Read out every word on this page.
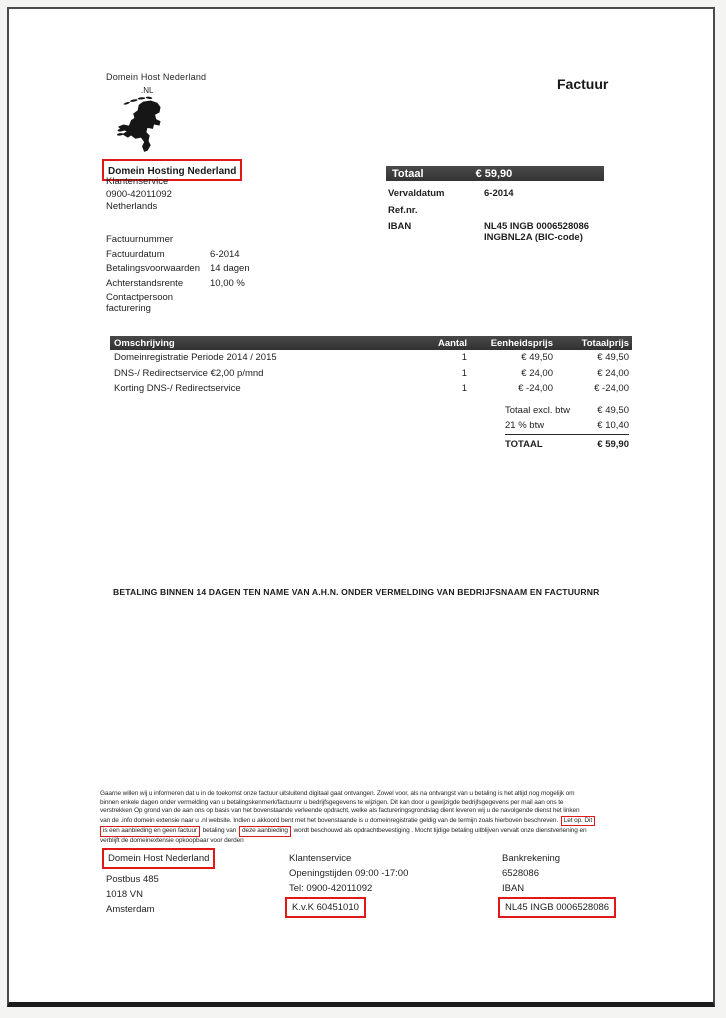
Domein Host Nederland
.NL	Factuur
Domein Hosting Nederland
Klantenservice
0900-42011092
Netherlands
Factuurnummer
Factuurdatum	6-2014
Betalingsvoorwaarden	14 dagen
Achterstandsrente	10,00 %
Contactpersoon facturering
Totaal	€ 59,90
Vervaldatum	6-2014
Ref.nr.
IBAN	NL45 INGB 0006528086
INGBNL2A (BIC-code)
Omschrijving	Aantal	Eenheidsprijs	Totaalprijs
Domeinregistratie Periode 2014 / 2015	1	€ 49,50	€ 49,50
DNS-/ Redirectservice €2,00 p/mnd	1	€ 24,00	€ 24,00
Korting DNS-/ Redirectservice	1	€ -24,00	€ -24,00
Totaal excl. btw	€ 49,50
21 % btw	€ 10,40
TOTAAL	€ 59,90
BETALING BINNEN 14 DAGEN TEN NAME VAN A.H.N. ONDER VERMELDING VAN BEDRIJFSNAAM EN FACTUURNR
Gaarne willen wij u informeren dat u in de toekomst onze factuur uitsluitend digitaal gaat ontvangen. Zowel voor, als na ontvangst van u betaling is het altijd nog mogelijk om
binnen enkele dagen onder vermelding van u betalingskenmerk/factuurnr u bedrijfsgegevens te wijzigen. Dit kan door u gewijzigde bedrijfsgegevens per mail aan ons te
verstrekken Op grond van de aan ons op basis van het bovenstaande verleende opdracht, welke als factureringsgrondslag dient leveren wij u de navolgende dienst het linken
van de .info domein extensie naar u .nl website. Indien u akkoord bent met het bovenstaande is u domeinregistratie geldig van de termijn zoals hierboven beschreven. Let op. Dit
is een aanbieding en geen factuur betaling van deze aanbieding wordt beschouwd als opdrachtbevestiging . Mocht tijdige betaling uitblijven vervalt onze dienstverlening en
verblijft de domeinextensie opkoopbaar voor derden
Domein Host Nederland
Postbus 485
1018 VN
Amsterdam
Klantenservice
Openingstijden 09:00 -17:00
Tel: 0900-42011092
K.v.K 60451010
Bankrekening
6528086
IBAN
NL45 INGB 0006528086
